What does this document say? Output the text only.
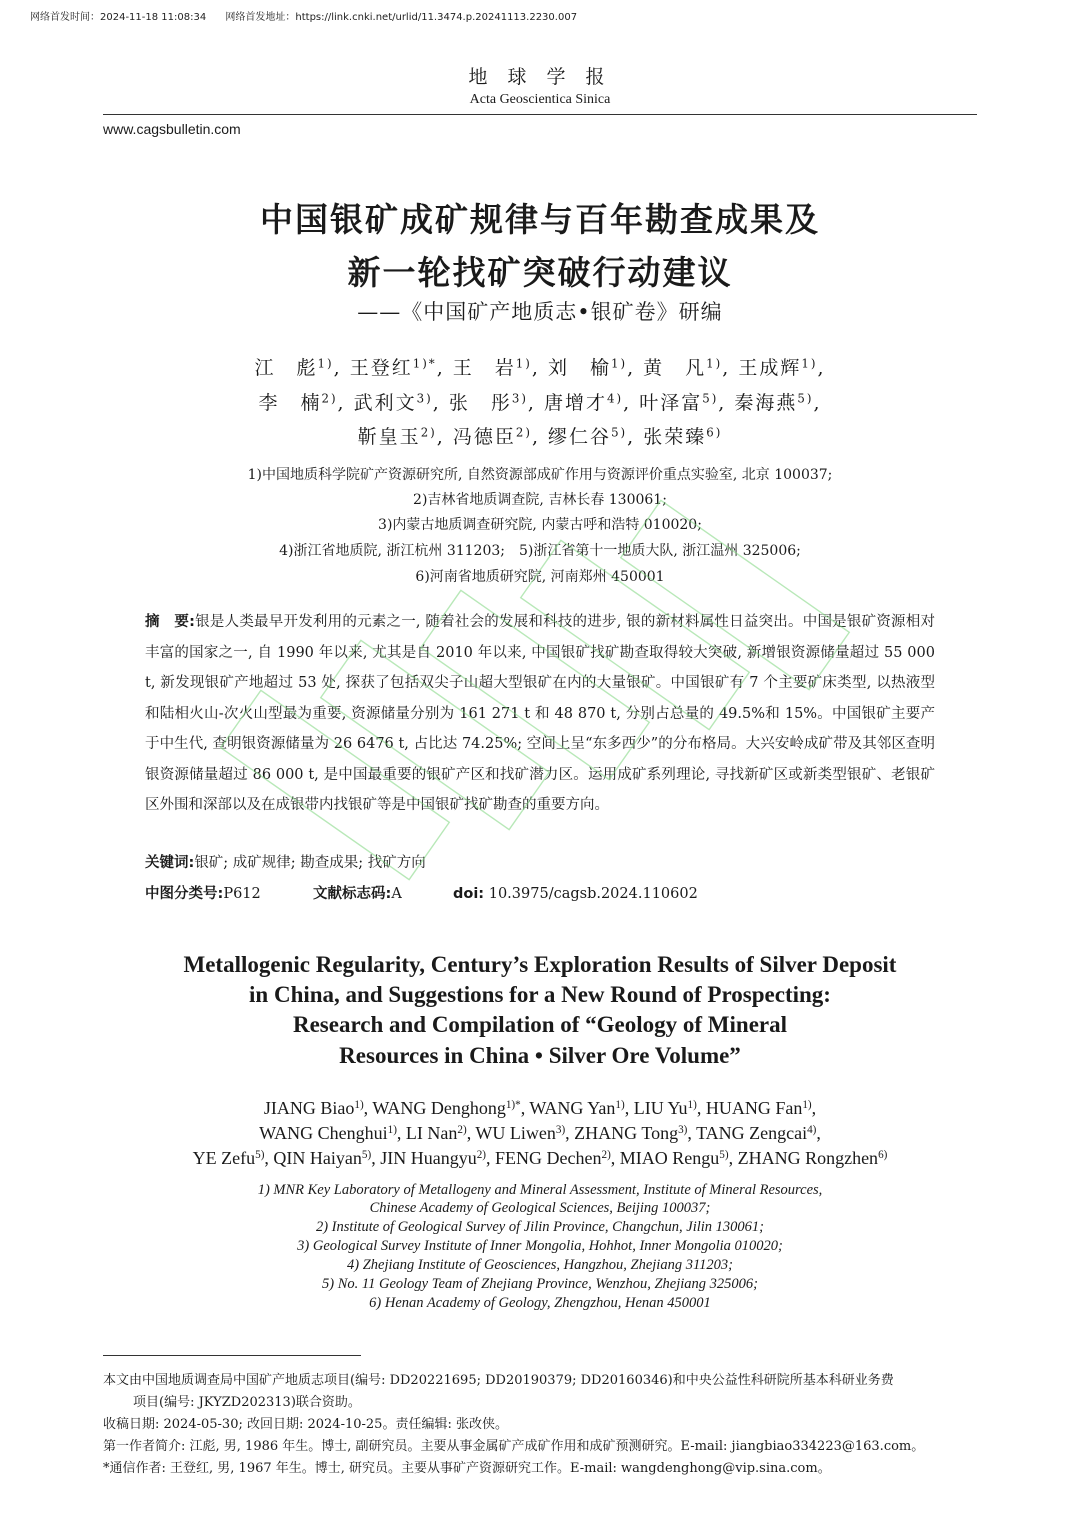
网络首发时间：2024-11-18 11:08:34 网络首发地址：https://link.cnki.net/urlid/11.3474.p.20241113.2230.007
地 球 学 报
Acta Geoscientica Sinica
www.cagsbulletin.com
中国银矿成矿规律与百年勘查成果及
新一轮找矿突破行动建议
——《中国矿产地质志•银矿卷》研编
江　彪$^{1)}$, 王登红$^{1)*}$, 王　岩$^{1)}$, 刘　榆$^{1)}$, 黄　凡$^{1)}$, 王成辉$^{1)}$,
李　楠$^{2)}$, 武利文$^{3)}$, 张　彤$^{3)}$, 唐增才$^{4)}$, 叶泽富$^{5)}$, 秦海燕$^{5)}$,
靳皇玉$^{2)}$, 冯德臣$^{2)}$, 缪仁谷$^{5)}$, 张荣臻$^{6)}$
1)中国地质科学院矿产资源研究所, 自然资源部成矿作用与资源评价重点实验室, 北京 100037;
2)吉林省地质调查院, 吉林长春 130061;
3)内蒙古地质调查研究院, 内蒙古呼和浩特 010020;
4)浙江省地质院, 浙江杭州 311203;　5)浙江省第十一地质大队, 浙江温州 325006;
6)河南省地质研究院, 河南郑州 450001
摘　要:银是人类最早开发利用的元素之一, 随着社会的发展和科技的进步, 银的新材料属性日益突出。中国是银矿资源相对丰富的国家之一, 自 1990 年以来, 尤其是自 2010 年以来, 中国银矿找矿勘查取得较大突破, 新增银资源储量超过 55 000 t, 新发现银矿产地超过 53 处, 探获了包括双尖子山超大型银矿在内的大量银矿。中国银矿有 7 个主要矿床类型, 以热液型和陆相火山-次火山型最为重要, 资源储量分别为 161 271 t 和 48 870 t, 分别占总量的 49.5%和 15%。中国银矿主要产于中生代, 查明银资源储量为 26 6476 t, 占比达 74.25%; 空间上呈“东多西少”的分布格局。大兴安岭成矿带及其邻区查明银资源储量超过 86 000 t, 是中国最重要的银矿产区和找矿潜力区。运用成矿系列理论, 寻找新矿区或新类型银矿、老银矿区外围和深部以及在成银带内找银矿等是中国银矿找矿勘查的重要方向。
关键词:银矿; 成矿规律; 勘查成果; 找矿方向
中图分类号:P612	文献标志码:A	doi: 10.3975/cagsb.2024.110602
Metallogenic Regularity, Century’s Exploration Results of Silver Deposit
in China, and Suggestions for a New Round of Prospecting:
Research and Compilation of “Geology of Mineral
Resources in China • Silver Ore Volume”
JIANG Biao$^{1)}$, WANG Denghong$^{1)*}$, WANG Yan$^{1)}$, LIU Yu$^{1)}$, HUANG Fan$^{1)}$,
WANG Chenghui$^{1)}$, LI Nan$^{2)}$, WU Liwen$^{3)}$, ZHANG Tong$^{3)}$, TANG Zengcai$^{4)}$,
YE Zefu$^{5)}$, QIN Haiyan$^{5)}$, JIN Huangyu$^{2)}$, FENG Dechen$^{2)}$, MIAO Rengu$^{5)}$, ZHANG Rongzhen$^{6)}$
1) MNR Key Laboratory of Metallogeny and Mineral Assessment, Institute of Mineral Resources,
Chinese Academy of Geological Sciences, Beijing 100037;
2) Institute of Geological Survey of Jilin Province, Changchun, Jilin 130061;
3) Geological Survey Institute of Inner Mongolia, Hohhot, Inner Mongolia 010020;
4) Zhejiang Institute of Geosciences, Hangzhou, Zhejiang 311203;
5) No. 11 Geology Team of Zhejiang Province, Wenzhou, Zhejiang 325006;
6) Henan Academy of Geology, Zhengzhou, Henan 450001
本文由中国地质调查局中国矿产地质志项目(编号: DD20221695; DD20190379; DD20160346)和中央公益性科研院所基本科研业务费
项目(编号: JKYZD202313)联合资助。
收稿日期: 2024-05-30; 改回日期: 2024-10-25。责任编辑: 张改侠。
第一作者简介: 江彪, 男, 1986 年生。博士, 副研究员。主要从事金属矿产成矿作用和成矿预测研究。E-mail: jiangbiao334223@163.com。
*通信作者: 王登红, 男, 1967 年生。博士, 研究员。主要从事矿产资源研究工作。E-mail: wangdenghong@vip.sina.com。
